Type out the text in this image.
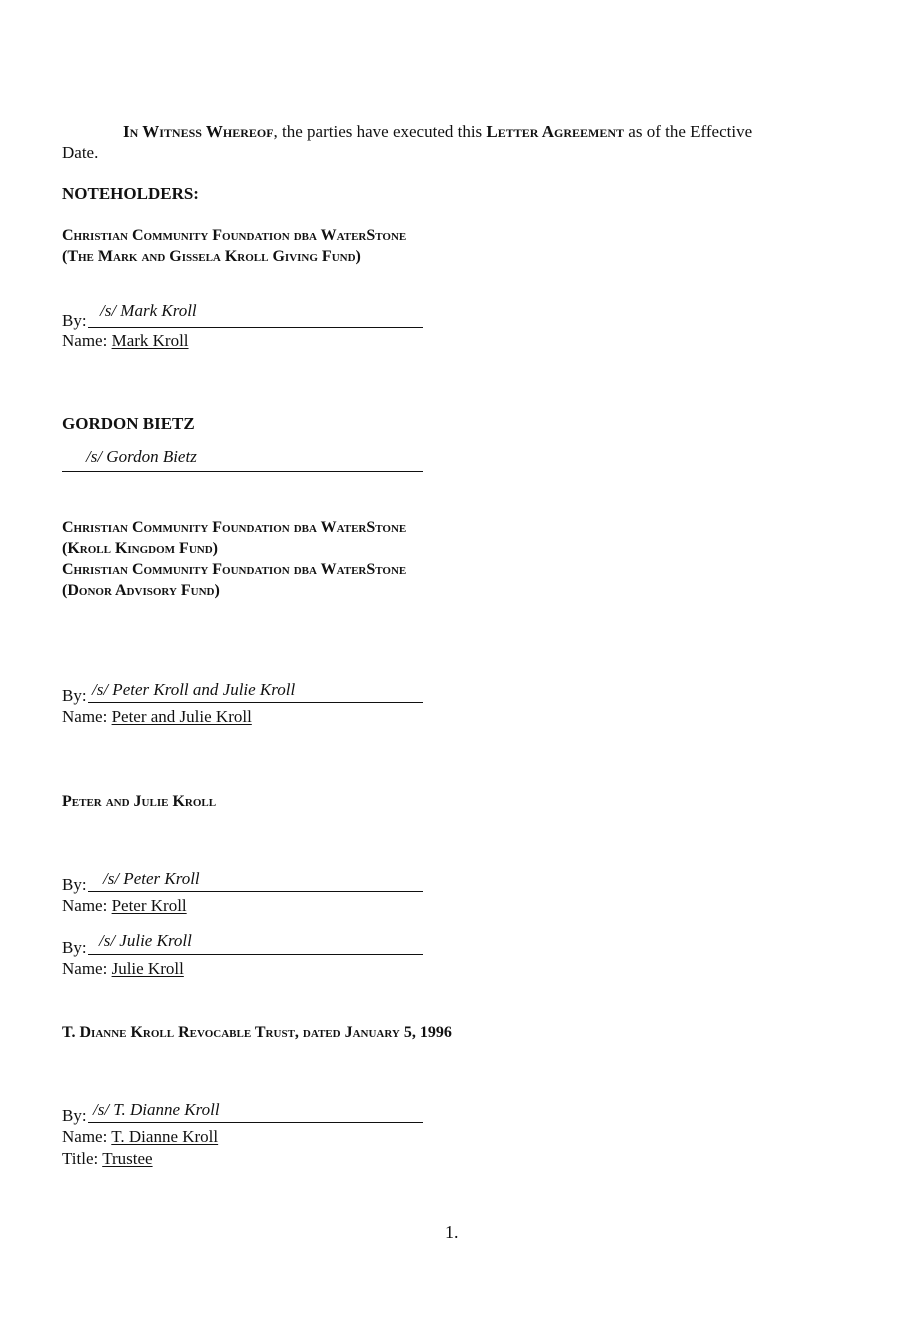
In Witness Whereof, the parties have executed this Letter Agreement as of the Effective
Date.
NOTEHOLDERS:
Christian Community Foundation dba WaterStone
(The Mark and Gissela Kroll Giving Fund)
By:
/s/ Mark Kroll
Name: Mark Kroll
GORDON BIETZ
/s/ Gordon Bietz
Christian Community Foundation dba WaterStone
(Kroll Kingdom Fund)
Christian Community Foundation dba WaterStone
(Donor Advisory Fund)
By: /s/ Peter Kroll and Julie Kroll
Name: Peter and Julie Kroll
Peter and Julie Kroll
By: /s/ Peter Kroll
Name: Peter Kroll
By: /s/ Julie Kroll
Name: Julie Kroll
T. Dianne Kroll Revocable Trust, dated January 5, 1996
By: /s/ T. Dianne Kroll
Name: T. Dianne Kroll
Title: Trustee
1.
